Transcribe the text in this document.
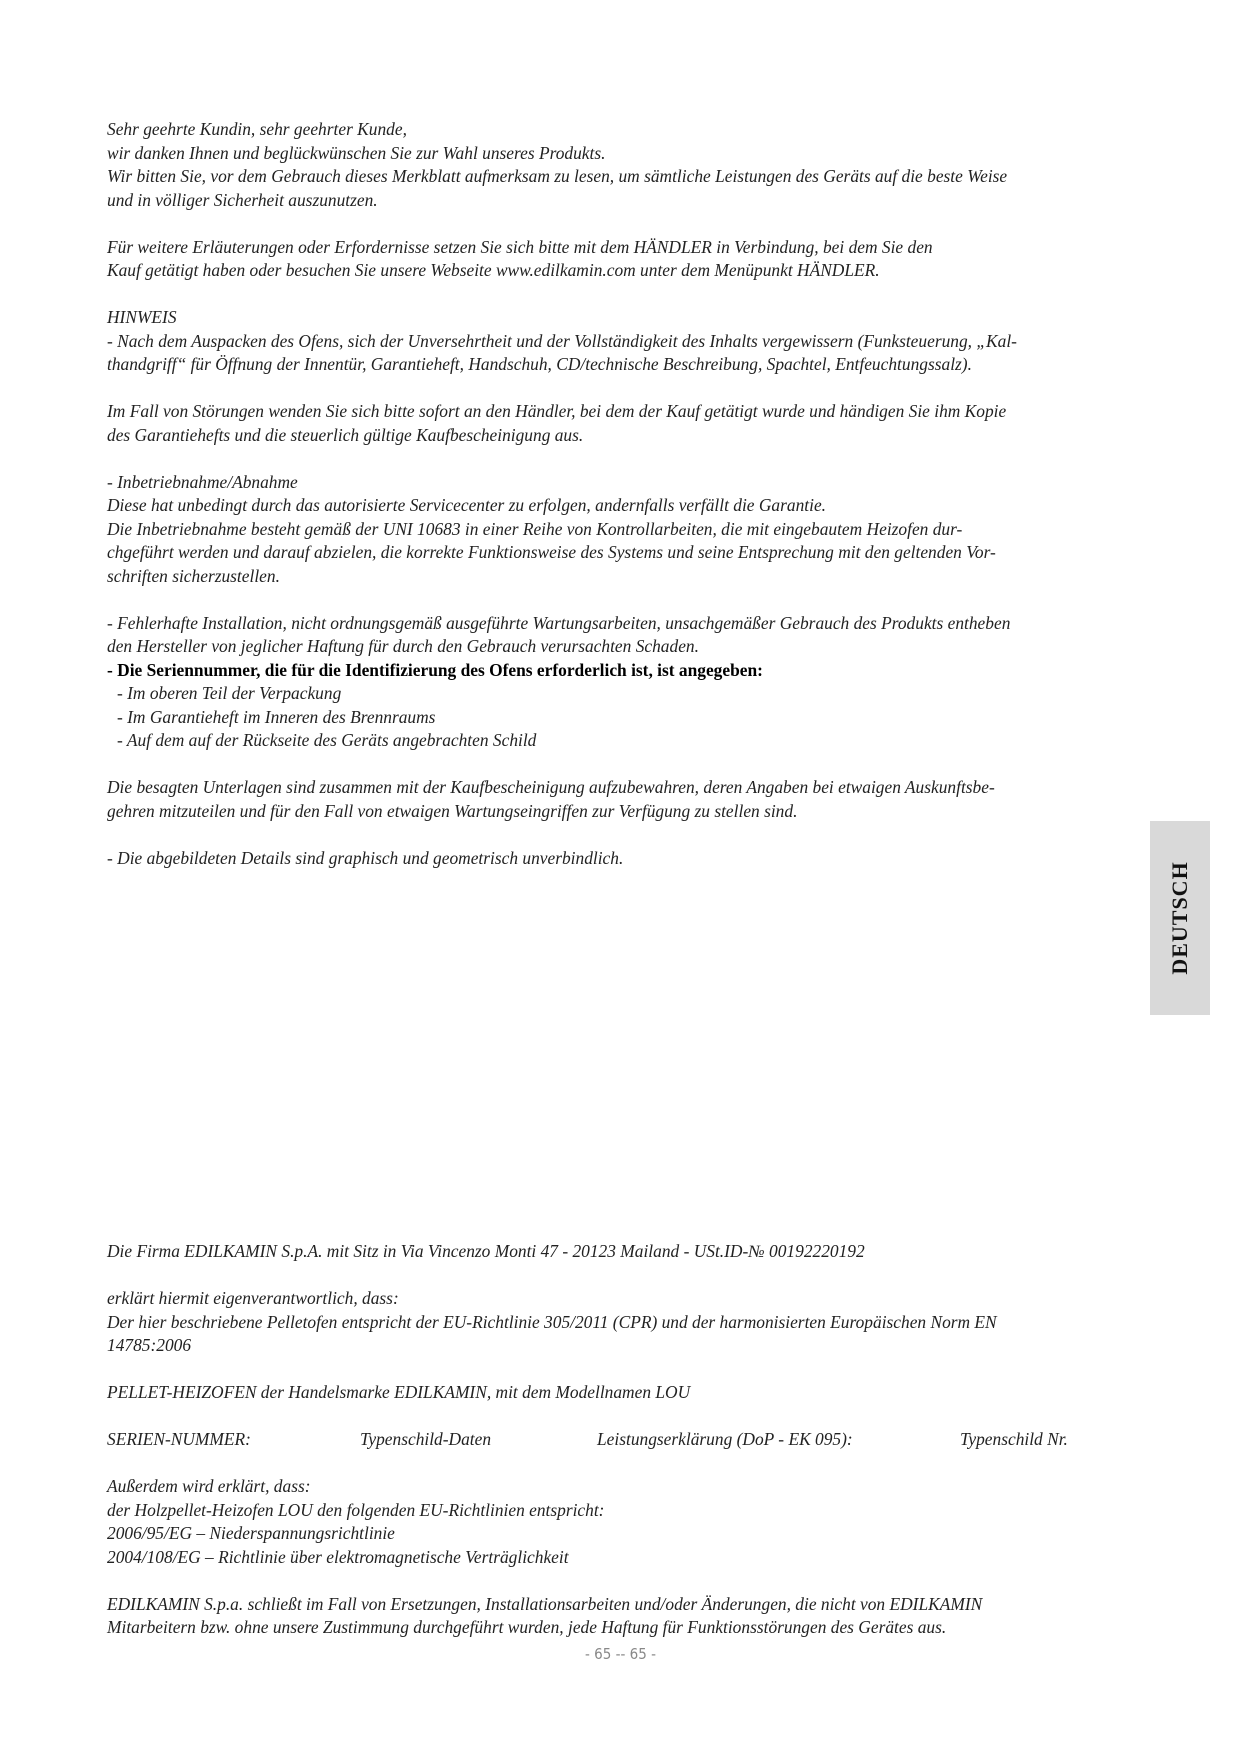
Sehr geehrte Kundin, sehr geehrter Kunde,
wir danken Ihnen und beglückwünschen Sie zur Wahl unseres Produkts.
Wir bitten Sie, vor dem Gebrauch dieses Merkblatt aufmerksam zu lesen, um sämtliche Leistungen des Geräts auf die beste Weise
und in völliger Sicherheit auszunutzen.
Für weitere Erläuterungen oder Erfordernisse setzen Sie sich bitte mit dem HÄNDLER in Verbindung, bei dem Sie den
Kauf getätigt haben oder besuchen Sie unsere Webseite www.edilkamin.com unter dem Menüpunkt HÄNDLER.
HINWEIS
- Nach dem Auspacken des Ofens, sich der Unversehrtheit und der Vollständigkeit des Inhalts vergewissern (Funksteuerung, „Kal-
thandgriff“ für Öffnung der Innentür, Garantieheft, Handschuh, CD/technische Beschreibung, Spachtel, Entfeuchtungssalz).
Im Fall von Störungen wenden Sie sich bitte sofort an den Händler, bei dem der Kauf getätigt wurde und händigen Sie ihm Kopie
des Garantiehefts und die steuerlich gültige Kaufbescheinigung aus.
- Inbetriebnahme/Abnahme
Diese hat unbedingt durch das autorisierte Servicecenter zu erfolgen, andernfalls verfällt die Garantie.
Die Inbetriebnahme besteht gemäß der UNI 10683 in einer Reihe von Kontrollarbeiten, die mit eingebautem Heizofen dur-
chgeführt werden und darauf abzielen, die korrekte Funktionsweise des Systems und seine Entsprechung mit den geltenden Vor-
schriften sicherzustellen.
- Fehlerhafte Installation, nicht ordnungsgemäß ausgeführte Wartungsarbeiten, unsachgemäßer Gebrauch des Produkts entheben
den Hersteller von jeglicher Haftung für durch den Gebrauch verursachten Schaden.
- Die Seriennummer, die für die Identifizierung des Ofens erforderlich ist, ist angegeben:
- Im oberen Teil der Verpackung
- Im Garantieheft im Inneren des Brennraums
- Auf dem auf der Rückseite des Geräts angebrachten Schild
Die besagten Unterlagen sind zusammen mit der Kaufbescheinigung aufzubewahren, deren Angaben bei etwaigen Auskunftsbe-
gehren mitzuteilen und für den Fall von etwaigen Wartungseingriffen zur Verfügung zu stellen sind.
- Die abgebildeten Details sind graphisch und geometrisch unverbindlich.
DEUTSCH
Die Firma EDILKAMIN S.p.A. mit Sitz in Via Vincenzo Monti 47 - 20123 Mailand - USt.ID-№ 00192220192
erklärt hiermit eigenverantwortlich, dass:
Der hier beschriebene Pelletofen entspricht der EU-Richtlinie 305/2011 (CPR) und der harmonisierten Europäischen Norm EN
14785:2006
PELLET-HEIZOFEN der Handelsmarke EDILKAMIN, mit dem Modellnamen LOU
SERIEN-NUMMER:	Typenschild-Daten	Leistungserklärung (DoP - EK 095):	Typenschild Nr.
Außerdem wird erklärt, dass:
der Holzpellet-Heizofen LOU den folgenden EU-Richtlinien entspricht:
2006/95/EG – Niederspannungsrichtlinie
2004/108/EG – Richtlinie über elektromagnetische Verträglichkeit
EDILKAMIN S.p.a. schließt im Fall von Ersetzungen, Installationsarbeiten und/oder Änderungen, die nicht von EDILKAMIN
Mitarbeitern bzw. ohne unsere Zustimmung durchgeführt wurden, jede Haftung für Funktionsstörungen des Gerätes aus.
- 65 -- 65 -
